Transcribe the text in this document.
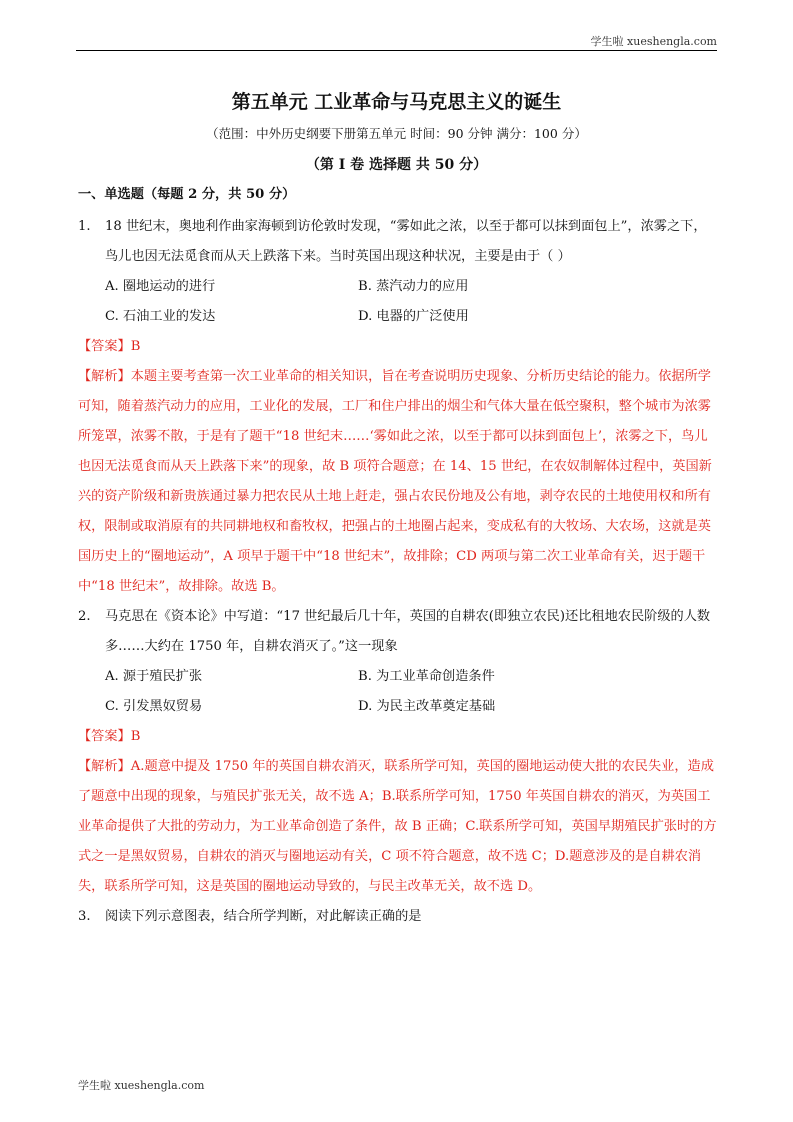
学生啦 xueshengla.com
第五单元 工业革命与马克思主义的诞生
（范围：中外历史纲要下册第五单元 时间：90 分钟 满分：100 分）
（第 I 卷 选择题 共 50 分）
一、单选题（每题 2 分，共 50 分）
1. 18 世纪末，奥地利作曲家海顿到访伦敦时发现，“雾如此之浓，以至于都可以抹到面包上”，浓雾之下，鸟儿也因无法觅食而从天上跌落下来。当时英国出现这种状况，主要是由于（ ）
A. 圈地运动的进行	B. 蒸汽动力的应用
C. 石油工业的发达	D. 电器的广泛使用
【答案】B
【解析】本题主要考查第一次工业革命的相关知识，旨在考查说明历史现象、分析历史结论的能力。依据所学可知，随着蒸汽动力的应用，工业化的发展，工厂和住户排出的烟尘和气体大量在低空聚积，整个城市为浓雾所笼罩，浓雾不散，于是有了题干“18 世纪末……‘雾如此之浓，以至于都可以抹到面包上’，浓雾之下，鸟儿也因无法觅食而从天上跌落下来”的现象，故 B 项符合题意；在 14、15 世纪，在农奴制解体过程中，英国新兴的资产阶级和新贵族通过暴力把农民从土地上赶走，强占农民份地及公有地，剥夺农民的土地使用权和所有权，限制或取消原有的共同耕地权和畜牧权，把强占的土地圈占起来，变成私有的大牧场、大农场，这就是英国历史上的“圈地运动”，A 项早于题干中“18 世纪末”，故排除；CD 两项与第二次工业革命有关，迟于题干中“18 世纪末”，故排除。故选 B。
2. 马克思在《资本论》中写道：“17 世纪最后几十年，英国的自耕农(即独立农民)还比租地农民阶级的人数多……大约在 1750 年，自耕农消灭了。”这一现象
A. 源于殖民扩张	B. 为工业革命创造条件
C. 引发黑奴贸易	D. 为民主改革奠定基础
【答案】B
【解析】A.题意中提及 1750 年的英国自耕农消灭，联系所学可知，英国的圈地运动使大批的农民失业，造成了题意中出现的现象，与殖民扩张无关，故不选 A；B.联系所学可知，1750 年英国自耕农的消灭，为英国工业革命提供了大批的劳动力，为工业革命创造了条件，故 B 正确；C.联系所学可知，英国早期殖民扩张时的方式之一是黑奴贸易，自耕农的消灭与圈地运动有关，C 项不符合题意，故不选 C；D.题意涉及的是自耕农消失，联系所学可知，这是英国的圈地运动导致的，与民主改革无关，故不选 D。
3. 阅读下列示意图表，结合所学判断，对此解读正确的是
学生啦 xueshengla.com
